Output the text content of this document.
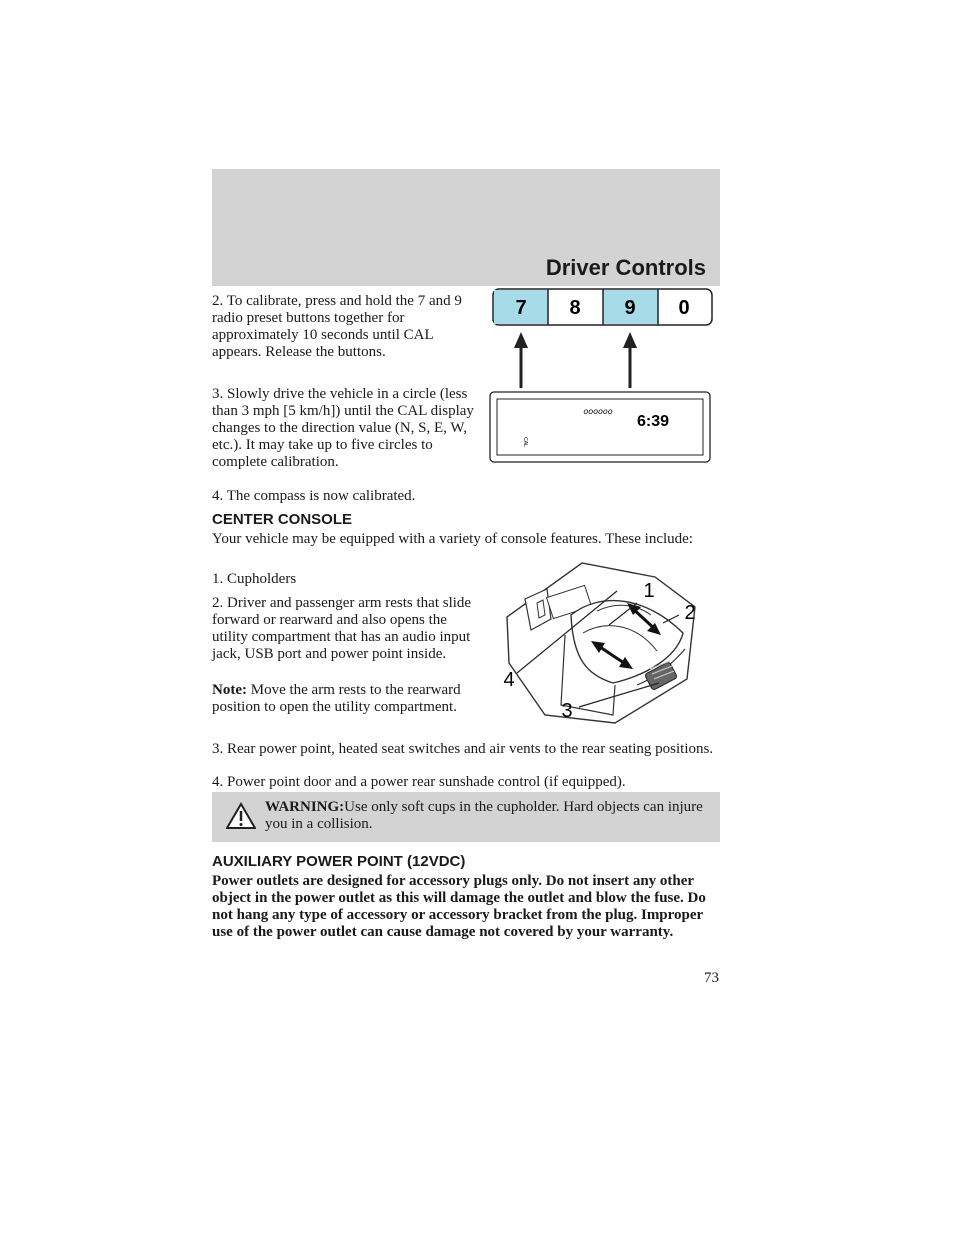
Driver Controls
2. To calibrate, press and hold the 7 and 9 radio preset buttons together for approximately 10 seconds until CAL appears. Release the buttons.
7 8 9 0
3. Slowly drive the vehicle in a circle (less than 3 mph [5 km/h]) until the CAL display changes to the direction value (N, S, E, W, etc.). It may take up to five circles to complete calibration.
oooooo
6:39
CAL
4. The compass is now calibrated.
CENTER CONSOLE
Your vehicle may be equipped with a variety of console features. These include:
1. Cupholders
2. Driver and passenger arm rests that slide forward or rearward and also opens the utility compartment that has an audio input jack, USB port and power point inside.
Note: Move the arm rests to the rearward position to open the utility compartment.
3. Rear power point, heated seat switches and air vents to the rear seating positions.
4. Power point door and a power rear sunshade control (if equipped).
1
2
3
4
WARNING:Use only soft cups in the cupholder. Hard objects can injure you in a collision.
AUXILIARY POWER POINT (12VDC)
Power outlets are designed for accessory plugs only. Do not insert any other object in the power outlet as this will damage the outlet and blow the fuse. Do not hang any type of accessory or accessory bracket from the plug. Improper use of the power outlet can cause damage not covered by your warranty.
73
